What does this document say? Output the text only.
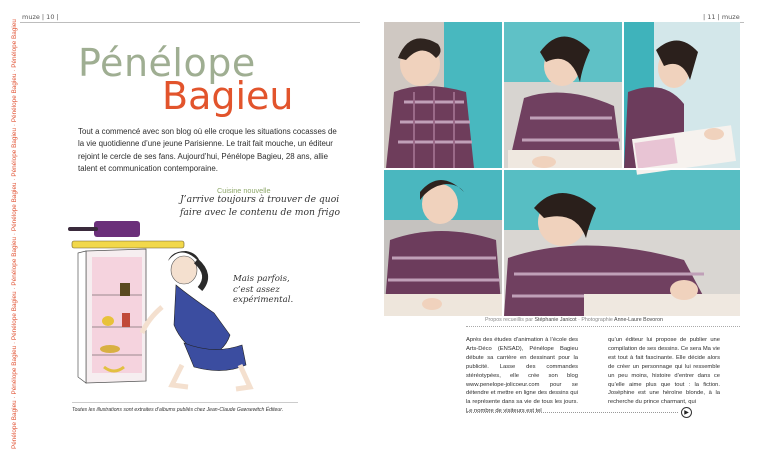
Pénélope Bagieu · Pénélope Bagieu · Pénélope Bagieu · Pénélope Bagieu · Pénélope Bagieu · Pénélope Bagieu · Pénélope Bagieu · Pénélope Bagieu
muze | 10 |	| 11 | muze
Pénélope
Bagieu
Tout a commencé avec son blog où elle croque les situations cocasses de la vie quotidienne d’une jeune Parisienne. Le trait fait mouche, un éditeur rejoint le cercle de ses fans. Aujourd’hui, Pénélope Bagieu, 28 ans, allie talent et communication contemporaine.
Cuisine nouvelle
J’arrive toujours à trouver de quoi faire avec le contenu de mon frigo
Mais parfois, c’est assez expérimental.
Toutes les illustrations sont extraites d’albums publiés chez Jean-Claude Gawsewitch Éditeur.
Propos recueillis par Stéphanie Janicot · Photographie Anne-Laure Bovoron
Après des études d’animation à l’école des Arts-Déco (ENSAD), Pénélope Bagieu débute sa carrière en dessinant pour la publicité. Lasse des commandes stéréotypées, elle crée son blog www.penelope-jolicoeur.com pour se détendre et mettre en ligne des dessins qui la représente dans sa vie de tous les jours. Le nombre de visiteurs est tel
qu’un éditeur lui propose de publier une compilation de ses dessins. Ce sera Ma vie est tout à fait fascinante. Elle décide alors de créer un personnage qui lui ressemble un peu moins, histoire d’entrer dans ce qu’elle aime plus que tout : la fiction. Joséphine est une héroïne blonde, à la recherche du prince charmant, qui
▶
